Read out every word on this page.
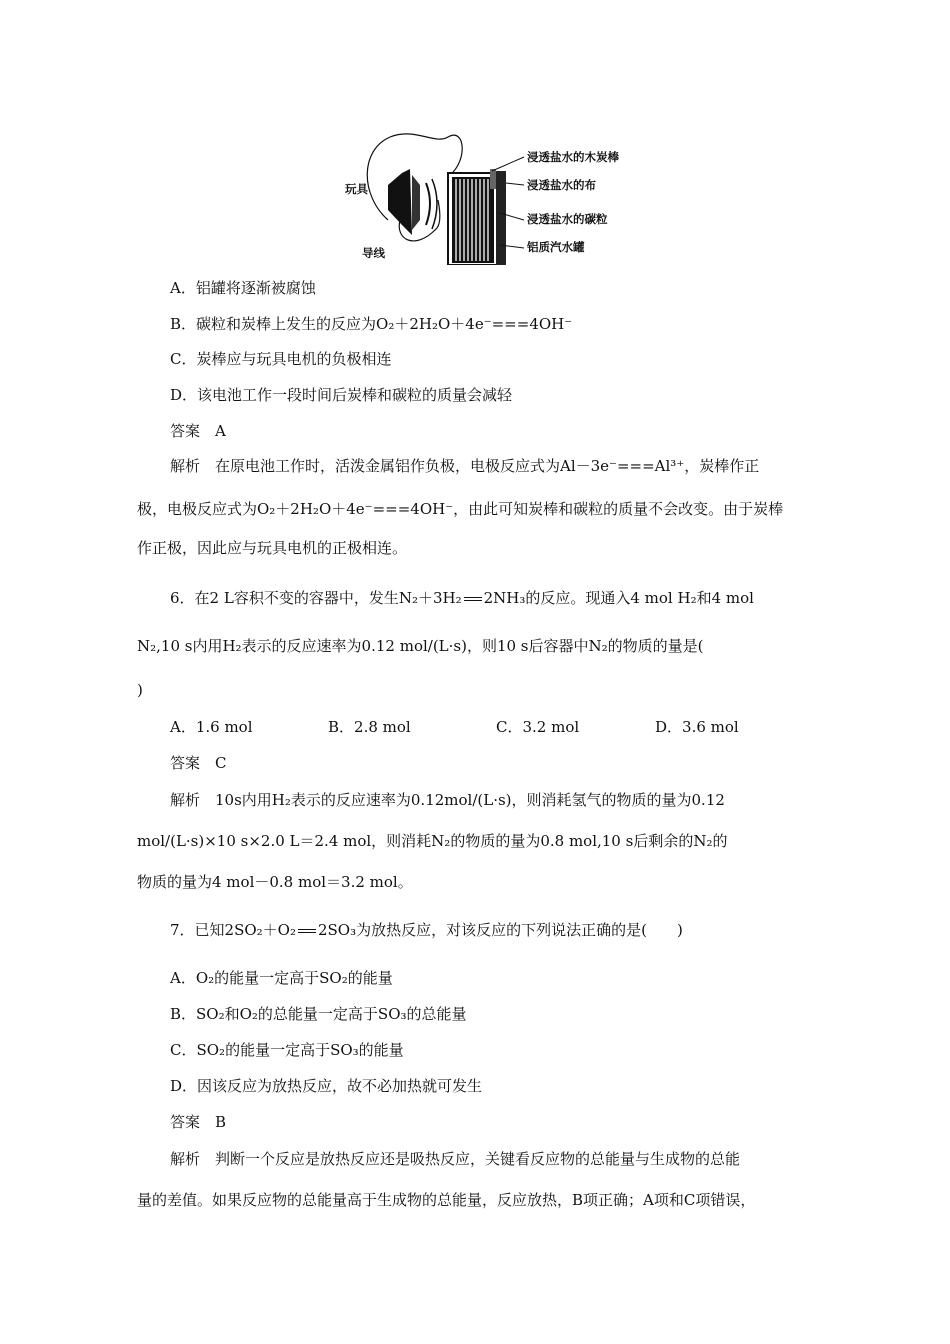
浸透盐水的木炭棒
浸透盐水的布
玩具
浸透盐水的碳粒
导线	铝质汽水罐
A．铝罐将逐渐被腐蚀
B．碳粒和炭棒上发生的反应为O₂＋2H₂O＋4e⁻===4OH⁻
C．炭棒应与玩具电机的负极相连
D．该电池工作一段时间后炭棒和碳粒的质量会减轻
答案　A
解析　在原电池工作时，活泼金属铝作负极，电极反应式为Al－3e⁻===Al³⁺，炭棒作正
极，电极反应式为O₂＋2H₂O＋4e⁻===4OH⁻，由此可知炭棒和碳粒的质量不会改变。由于炭棒
作正极，因此应与玩具电机的正极相连。
6．在2 L容积不变的容器中，发生N₂＋3H₂ 2NH₃的反应。现通入4 mol H₂和4 mol
N₂,10 s内用H₂表示的反应速率为0.12 mol/(L·s)，则10 s后容器中N₂的物质的量是(
)
A．1.6 mol	B．2.8 mol	C．3.2 mol	D．3.6 mol
答案　C
解析　10s内用H₂表示的反应速率为0.12mol/(L·s)，则消耗氢气的物质的量为0.12
mol/(L·s)×10 s×2.0 L＝2.4 mol，则消耗N₂的物质的量为0.8 mol,10 s后剩余的N₂的
物质的量为4 mol－0.8 mol＝3.2 mol。
7．已知2SO₂＋O₂ 2SO₃为放热反应，对该反应的下列说法正确的是(　　)
A．O₂的能量一定高于SO₂的能量
B．SO₂和O₂的总能量一定高于SO₃的总能量
C．SO₂的能量一定高于SO₃的能量
D．因该反应为放热反应，故不必加热就可发生
答案　B
解析　判断一个反应是放热反应还是吸热反应，关键看反应物的总能量与生成物的总能
量的差值。如果反应物的总能量高于生成物的总能量，反应放热，B项正确；A项和C项错误，
